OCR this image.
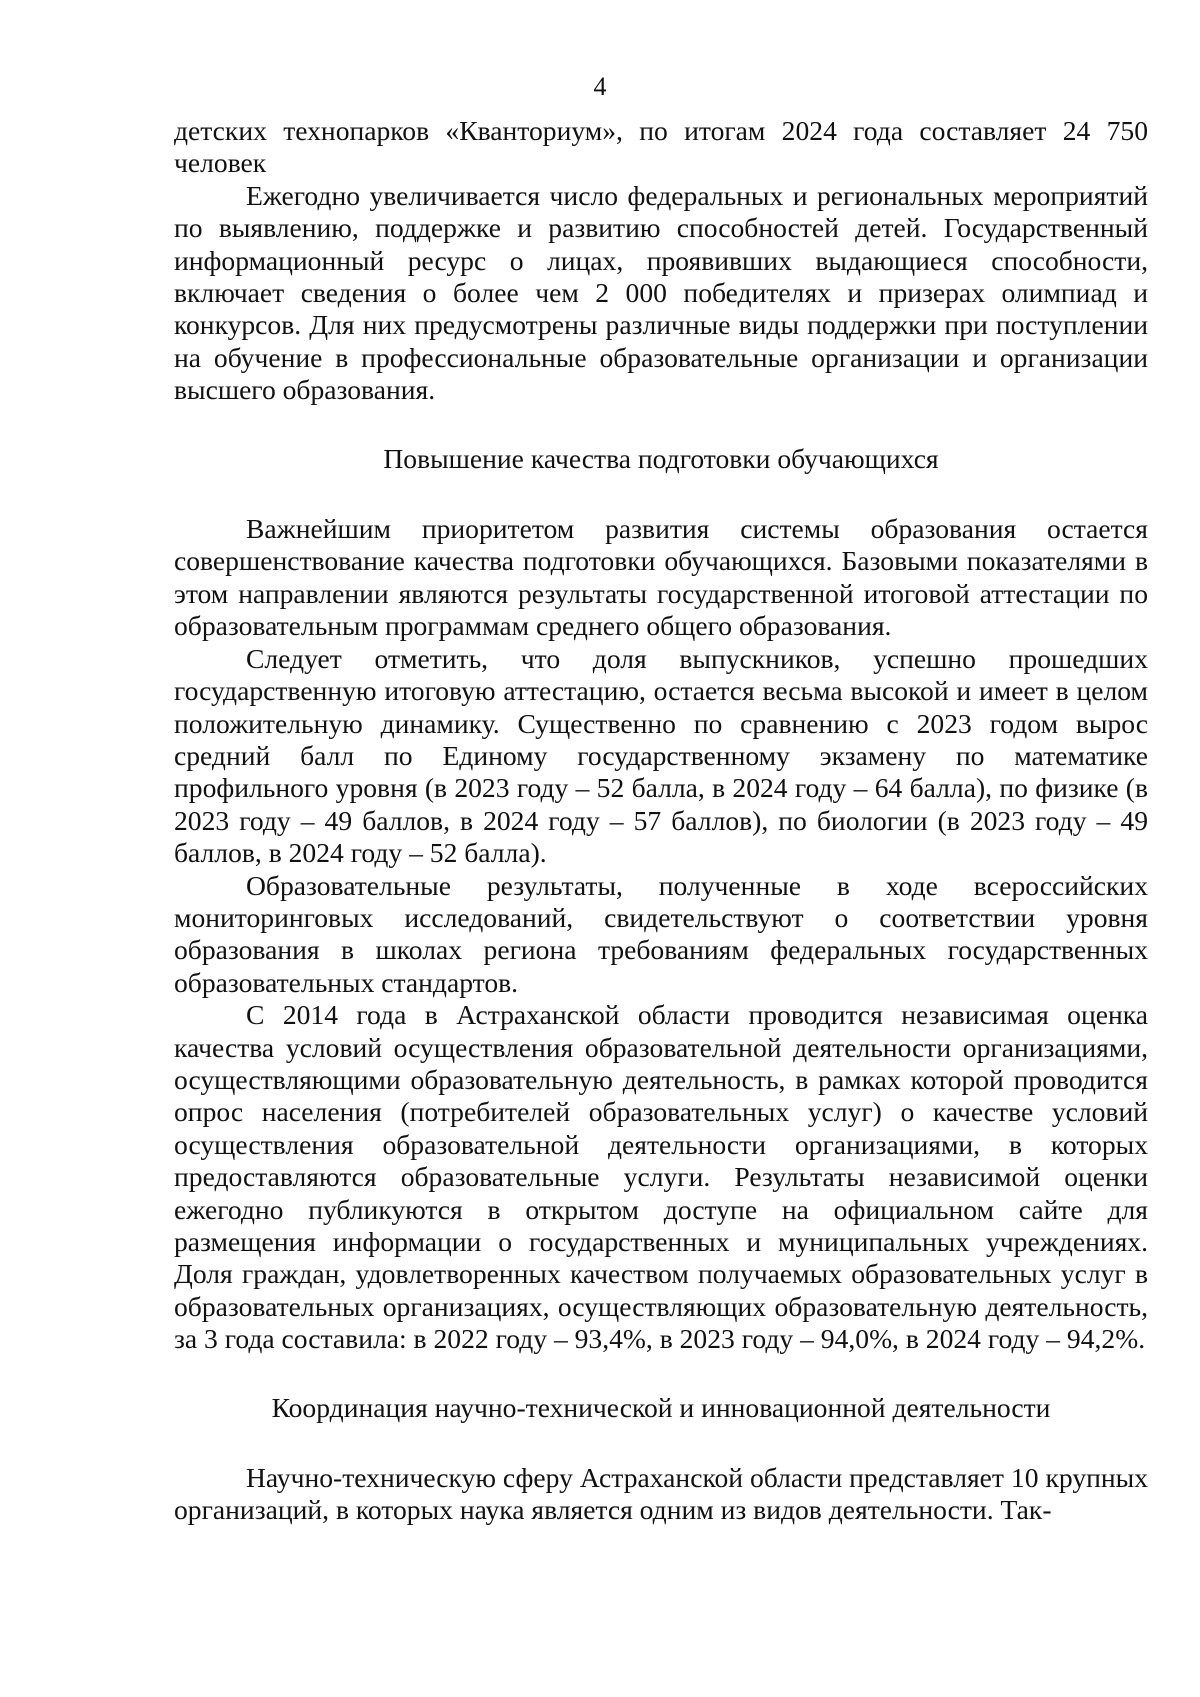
4

детских технопарков «Кванториум», по итогам 2024 года составляет 24 750 человек

Ежегодно увеличивается число федеральных и региональных мероприятий по выявлению, поддержке и развитию способностей детей. Государственный информационный ресурс о лицах, проявивших выдающиеся способности, включает сведения о более чем 2 000 победителях и призерах олимпиад и конкурсов. Для них предусмотрены различные виды поддержки при поступлении на обучение в профессиональные образовательные организации и организации высшего образования.

Повышение качества подготовки обучающихся

Важнейшим приоритетом развития системы образования остается совершенствование качества подготовки обучающихся. Базовыми показателями в этом направлении являются результаты государственной итоговой аттестации по образовательным программам среднего общего образования.

Следует отметить, что доля выпускников, успешно прошедших государственную итоговую аттестацию, остается весьма высокой и имеет в целом положительную динамику. Существенно по сравнению с 2023 годом вырос средний балл по Единому государственному экзамену по математике профильного уровня (в 2023 году – 52 балла, в 2024 году – 64 балла), по физике (в 2023 году – 49 баллов, в 2024 году – 57 баллов), по биологии (в 2023 году – 49 баллов, в 2024 году – 52 балла).

Образовательные результаты, полученные в ходе всероссийских мониторинговых исследований, свидетельствуют о соответствии уровня образования в школах региона требованиям федеральных государственных образовательных стандартов.

С 2014 года в Астраханской области проводится независимая оценка качества условий осуществления образовательной деятельности организациями, осуществляющими образовательную деятельность, в рамках которой проводится опрос населения (потребителей образовательных услуг) о качестве условий осуществления образовательной деятельности организациями, в которых предоставляются образовательные услуги. Результаты независимой оценки ежегодно публикуются в открытом доступе на официальном сайте для размещения информации о государственных и муниципальных учреждениях. Доля граждан, удовлетворенных качеством получаемых образовательных услуг в образовательных организациях, осуществляющих образовательную деятельность, за 3 года составила: в 2022 году – 93,4%, в 2023 году – 94,0%, в 2024 году – 94,2%.

Координация научно-технической и инновационной деятельности

Научно-техническую сферу Астраханской области представляет 10 крупных организаций, в которых наука является одним из видов деятельности. Так-
